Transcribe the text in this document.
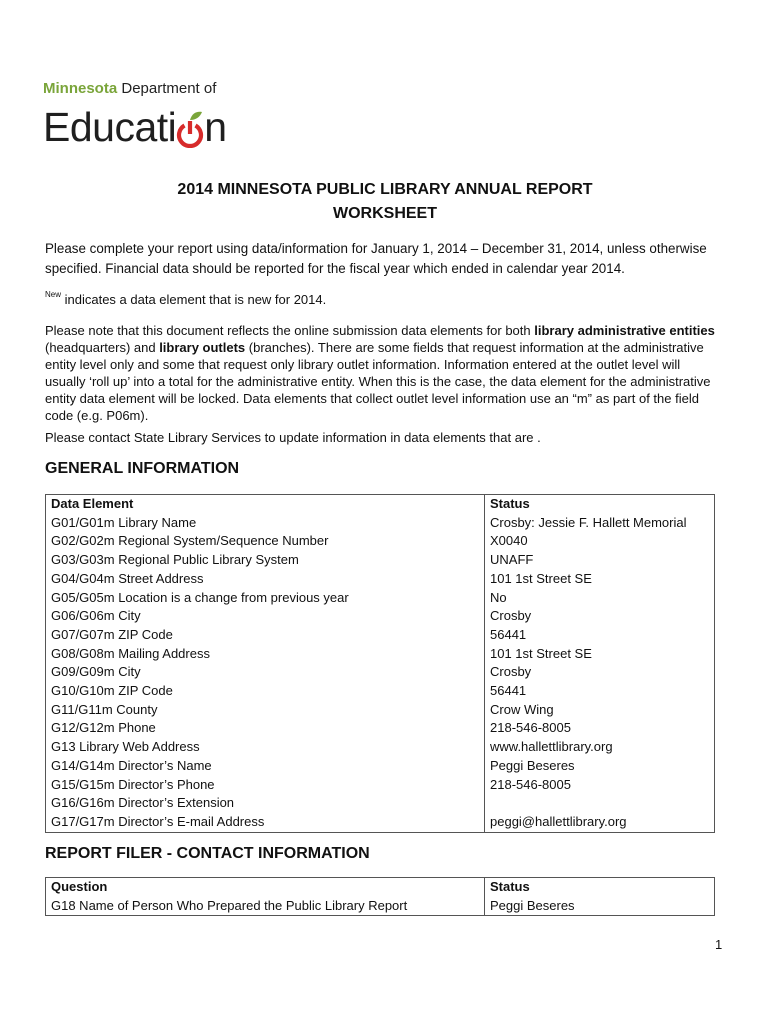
Minnesota Department of
Educati n
2014 MINNESOTA PUBLIC LIBRARY ANNUAL REPORT
WORKSHEET
Please complete your report using data/information for January 1, 2014 – December 31, 2014, unless otherwise specified. Financial data should be reported for the fiscal year which ended in calendar year 2014.
$^{New}$ indicates a data element that is new for 2014.
Please note that this document reflects the online submission data elements for both library administrative entities (headquarters) and library outlets (branches). There are some fields that request information at the administrative entity level only and some that request only library outlet information. Information entered at the outlet level will usually ‘roll up’ into a total for the administrative entity. When this is the case, the data element for the administrative entity data element will be locked. Data elements that collect outlet level information use an “m” as part of the field code (e.g. P06m).
Please contact State Library Services to update information in data elements that are .
GENERAL INFORMATION
Data Element	Status
G01/G01m Library Name	Crosby: Jessie F. Hallett Memorial
G02/G02m Regional System/Sequence Number	X0040
G03/G03m Regional Public Library System	UNAFF
G04/G04m Street Address	101 1st Street SE
G05/G05m Location is a change from previous year	No
G06/G06m City	Crosby
G07/G07m ZIP Code	56441
G08/G08m Mailing Address	101 1st Street SE
G09/G09m City	Crosby
G10/G10m ZIP Code	56441
G11/G11m County	Crow Wing
G12/G12m Phone	218-546-8005
G13 Library Web Address	www.hallettlibrary.org
G14/G14m Director’s Name	Peggi Beseres
G15/G15m Director’s Phone	218-546-8005
G16/G16m Director’s Extension	
G17/G17m Director’s E-mail Address	peggi@hallettlibrary.org
REPORT FILER - CONTACT INFORMATION
Question	Status
G18 Name of Person Who Prepared the Public Library Report	Peggi Beseres
1
